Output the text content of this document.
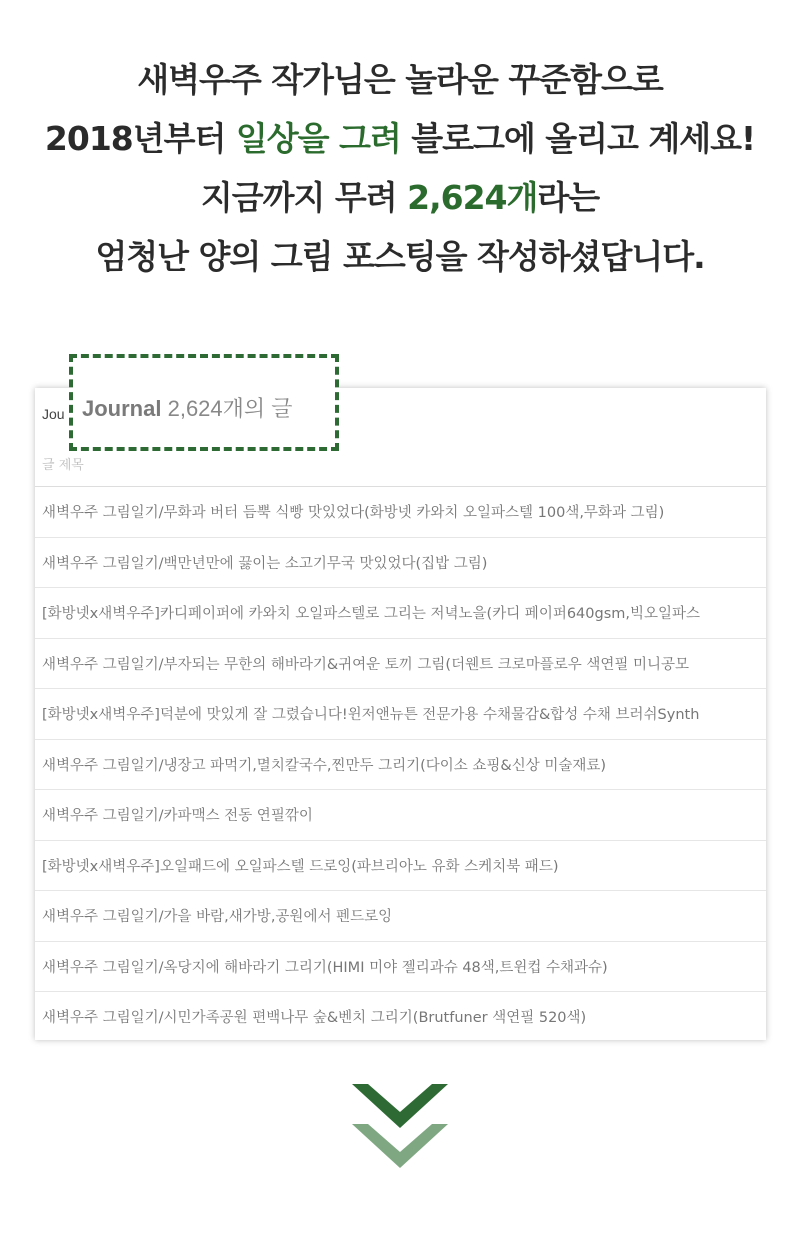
새벽우주 작가님은 놀라운 꾸준함으로
2018년부터 일상을 그려 블로그에 올리고 계세요!
지금까지 무려 2,624개라는
엄청난 양의 그림 포스팅을 작성하셨답니다.
Jou
글 제목
새벽우주 그림일기/무화과 버터 듬뿍 식빵 맛있었다(화방넷 카와치 오일파스텔 100색,무화과 그림)
새벽우주 그림일기/백만년만에 끓이는 소고기무국 맛있었다(집밥 그림)
[화방넷x새벽우주]카디페이퍼에 카와치 오일파스텔로 그리는 저녁노을(카디 페이퍼640gsm,빅오일파스
새벽우주 그림일기/부자되는 무한의 해바라기&귀여운 토끼 그림(더웬트 크로마플로우 색연필 미니공모
[화방넷x새벽우주]덕분에 맛있게 잘 그렸습니다!윈저앤뉴튼 전문가용 수채물감&합성 수채 브러쉬Synth
새벽우주 그림일기/냉장고 파먹기,멸치칼국수,찐만두 그리기(다이소 쇼핑&신상 미술재료)
새벽우주 그림일기/카파맥스 전동 연필깎이
[화방넷x새벽우주]오일패드에 오일파스텔 드로잉(파브리아노 유화 스케치북 패드)
새벽우주 그림일기/가을 바람,새가방,공원에서 펜드로잉
새벽우주 그림일기/옥당지에 해바라기 그리기(HIMI 미야 젤리과슈 48색,트윈컵 수채과슈)
새벽우주 그림일기/시민가족공원 편백나무 숲&벤치 그리기(Brutfuner 색연필 520색)
Journal 2,624개의 글
